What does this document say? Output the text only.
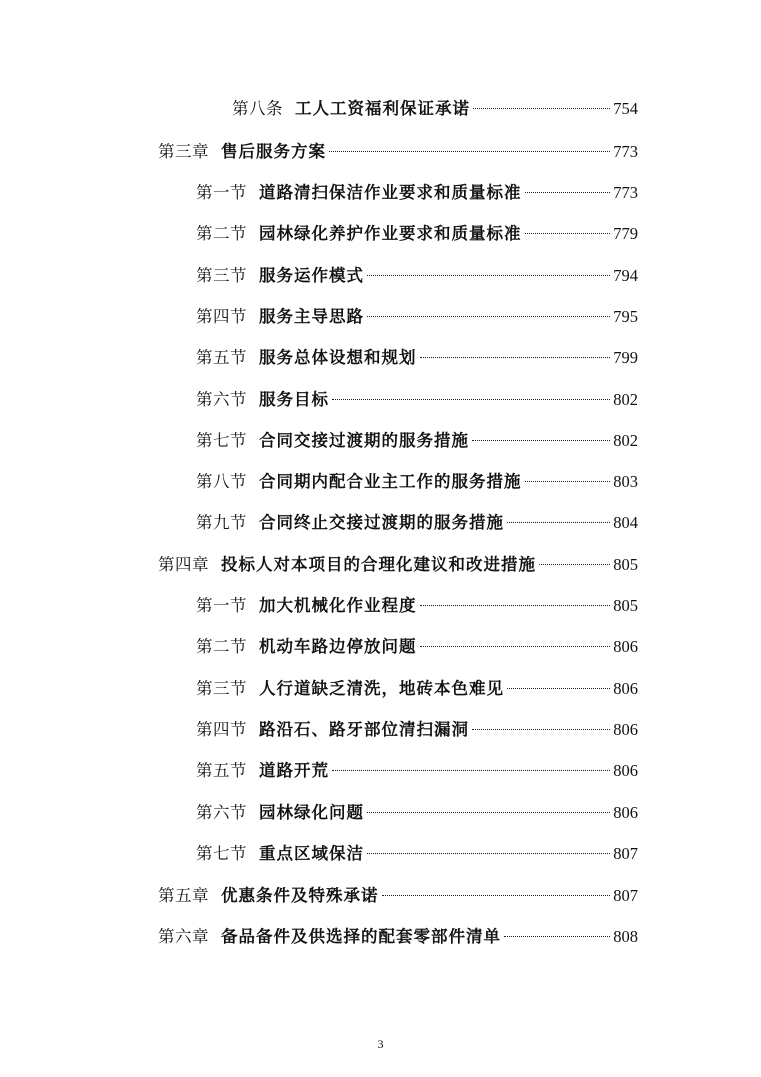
第八条 工人工资福利保证承诺	754
第三章 售后服务方案	773
第一节 道路清扫保洁作业要求和质量标准	773
第二节 园林绿化养护作业要求和质量标准	779
第三节 服务运作模式	794
第四节 服务主导思路	795
第五节 服务总体设想和规划	799
第六节 服务目标	802
第七节 合同交接过渡期的服务措施	802
第八节 合同期内配合业主工作的服务措施	803
第九节 合同终止交接过渡期的服务措施	804
第四章 投标人对本项目的合理化建议和改进措施	805
第一节 加大机械化作业程度	805
第二节 机动车路边停放问题	806
第三节 人行道缺乏清洗，地砖本色难见	806
第四节 路沿石、路牙部位清扫漏洞	806
第五节 道路开荒	806
第六节 园林绿化问题	806
第七节 重点区域保洁	807
第五章 优惠条件及特殊承诺	807
第六章 备品备件及供选择的配套零部件清单	808
3
